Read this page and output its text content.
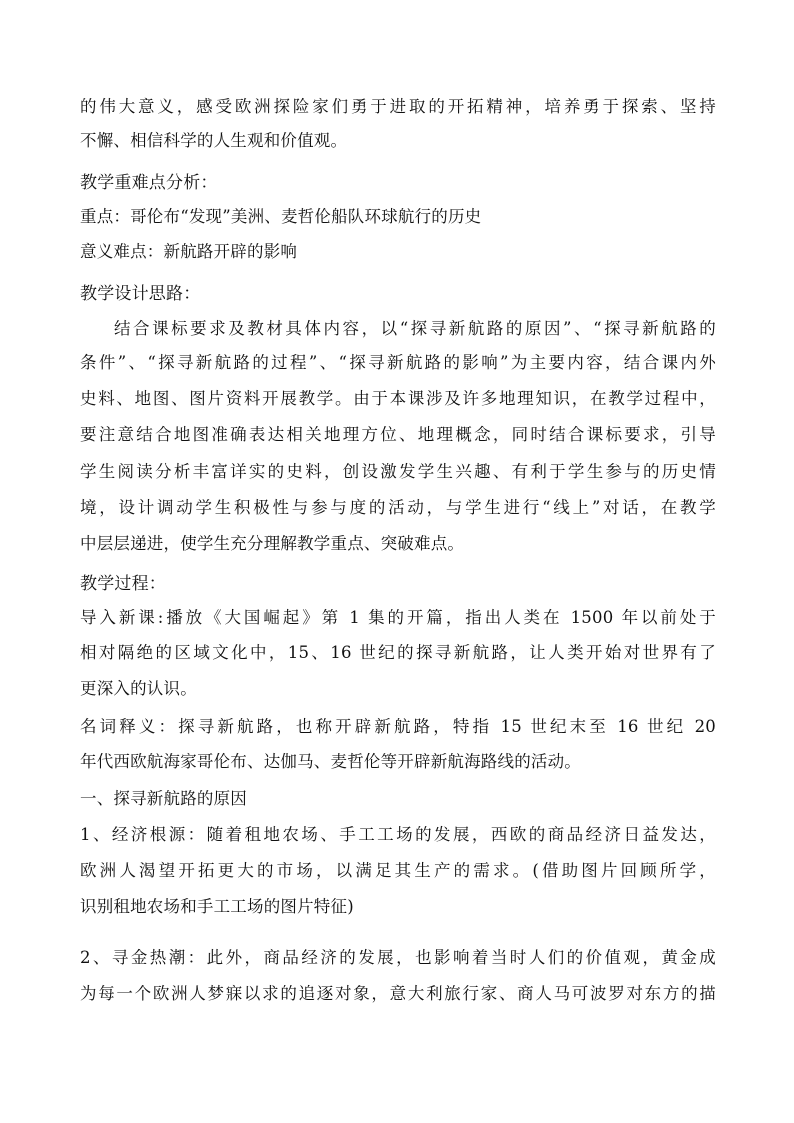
的伟大意义，感受欧洲探险家们勇于进取的开拓精神，培养勇于探索、坚持
不懈、相信科学的人生观和价值观。
教学重难点分析：
重点：哥伦布“发现”美洲、麦哲伦船队环球航行的历史
意义难点：新航路开辟的影响
教学设计思路：
结合课标要求及教材具体内容，以“探寻新航路的原因”、“探寻新航路的
条件”、“探寻新航路的过程”、“探寻新航路的影响”为主要内容，结合课内外
史料、地图、图片资料开展教学。由于本课涉及许多地理知识，在教学过程中，
要注意结合地图准确表达相关地理方位、地理概念，同时结合课标要求，引导
学生阅读分析丰富详实的史料，创设激发学生兴趣、有利于学生参与的历史情
境，设计调动学生积极性与参与度的活动，与学生进行“线上”对话，在教学
中层层递进，使学生充分理解教学重点、突破难点。
教学过程：
导入新课:播放《大国崛起》第 1 集的开篇，指出人类在 1500 年以前处于
相对隔绝的区域文化中，15、16 世纪的探寻新航路，让人类开始对世界有了
更深入的认识。
名词释义：探寻新航路，也称开辟新航路，特指 15 世纪末至 16 世纪 20
年代西欧航海家哥伦布、达伽马、麦哲伦等开辟新航海路线的活动。
一、探寻新航路的原因
1、经济根源：随着租地农场、手工工场的发展，西欧的商品经济日益发达，
欧洲人渴望开拓更大的市场，以满足其生产的需求。(借助图片回顾所学，
识别租地农场和手工工场的图片特征)
2、寻金热潮：此外，商品经济的发展，也影响着当时人们的价值观，黄金成
为每一个欧洲人梦寐以求的追逐对象，意大利旅行家、商人马可波罗对东方的描
